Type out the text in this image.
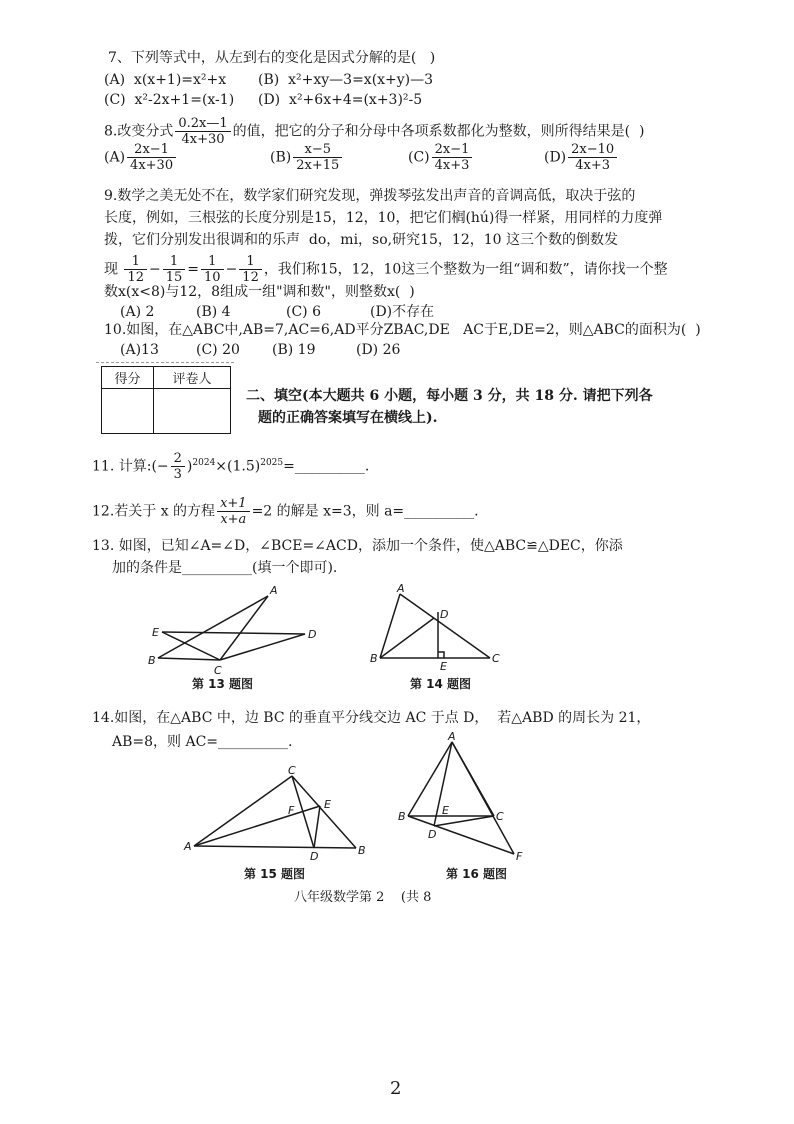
7、下列等式中，从左到右的变化是因式分解的是(   )
(A)  x(x+1)=x²+x (B)  x²+xy—3=x(x+y)—3
(C)  x²-2x+1=(x-1) (D)  x²+6x+4=(x+3)²-5
8.改变分式 $\frac{0.2x—1}{4x+30}$ 的值，把它的分子和分母中各项系数都化为整数，则所得结果是(  )
$(A) \frac{2x-1}{4x+30}$	$(B) \frac{x-5}{2x+15}$	$(C) \frac{2x-1}{4x+3}$	$(D) \frac{2x-10}{4x+3}$
9.数学之美无处不在，数学家们研究发现，弹拨琴弦发出声音的音调高低，取决于弦的
长度，例如，三根弦的长度分别是15，12，10，把它们榈(hú)得一样紧，用同样的力度弹
拨，它们分别发出很调和的乐声  do，mi，so,研究15，12，10 这三个数的倒数发
现 $\frac{1}{12} - \frac{1}{15} = \frac{1}{10} - \frac{1}{12}$ ，我们称15，12，10这三个整数为一组“调和数”，请你找一个整
数x(x<8)与12，8组成一组"调和数"，则整数x(  )
(A) 2	(B) 4	(C) 6	(D)不存在
10.如图，在△ABC中,AB=7,AC=6,AD平分ZBAC,DE   AC于E,DE=2，则△ABC的面积为(  )
(A)13	(C) 20 (B) 19	(D) 26
得分	评卷人

二、填空(本大题共 6 小题，每小题 3 分，共 18 分. 请把下列各
题的正确答案填写在横线上).
11. 计算:(− $\frac{2}{3}$ )$^{2024}\times(1.5)^{2025}=\_\_\_\_\_\_\_\_\_\_$.
12.若关于 x 的方程 $\frac{x+1}{x+a} =2$ 的解是 x=3，则 a=__________.
13. 如图，已知∠A=∠D，∠BCE=∠ACD，添加一个条件，使△ABC≌△DEC，你添
加的条件是__________(填一个即可).
A
B
C
D
E
第 13 题图
A
B	C
D
E
第 14 题图
14.如图，在△ABC 中，边 BC 的垂直平分线交边 AC 于点 D，  若△ABD 的周长为 21，
AB=8，则 AC=__________.
C
A	B
D
E
F
第 15 题图
A
B	C
D
E
F
第 16 题图
八年级数学第 2    (共 8
2
